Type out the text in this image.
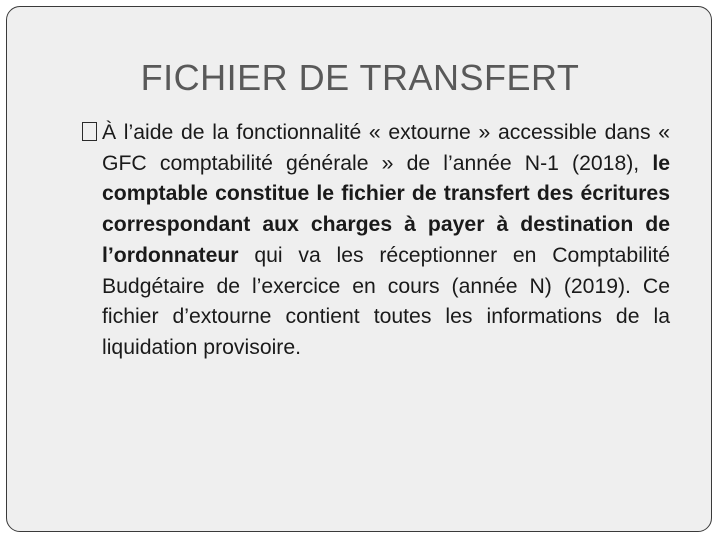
FICHIER DE TRANSFERT

À l’aide de la fonctionnalité « extourne » accessible dans « GFC comptabilité générale » de l’année N-1 (2018), le comptable constitue le fichier de transfert des écritures correspondant aux charges à payer à destination de l’ordonnateur qui va les réceptionner en Comptabilité Budgétaire de l’exercice en cours (année N) (2019). Ce fichier d’extourne contient toutes les informations de la liquidation provisoire.
